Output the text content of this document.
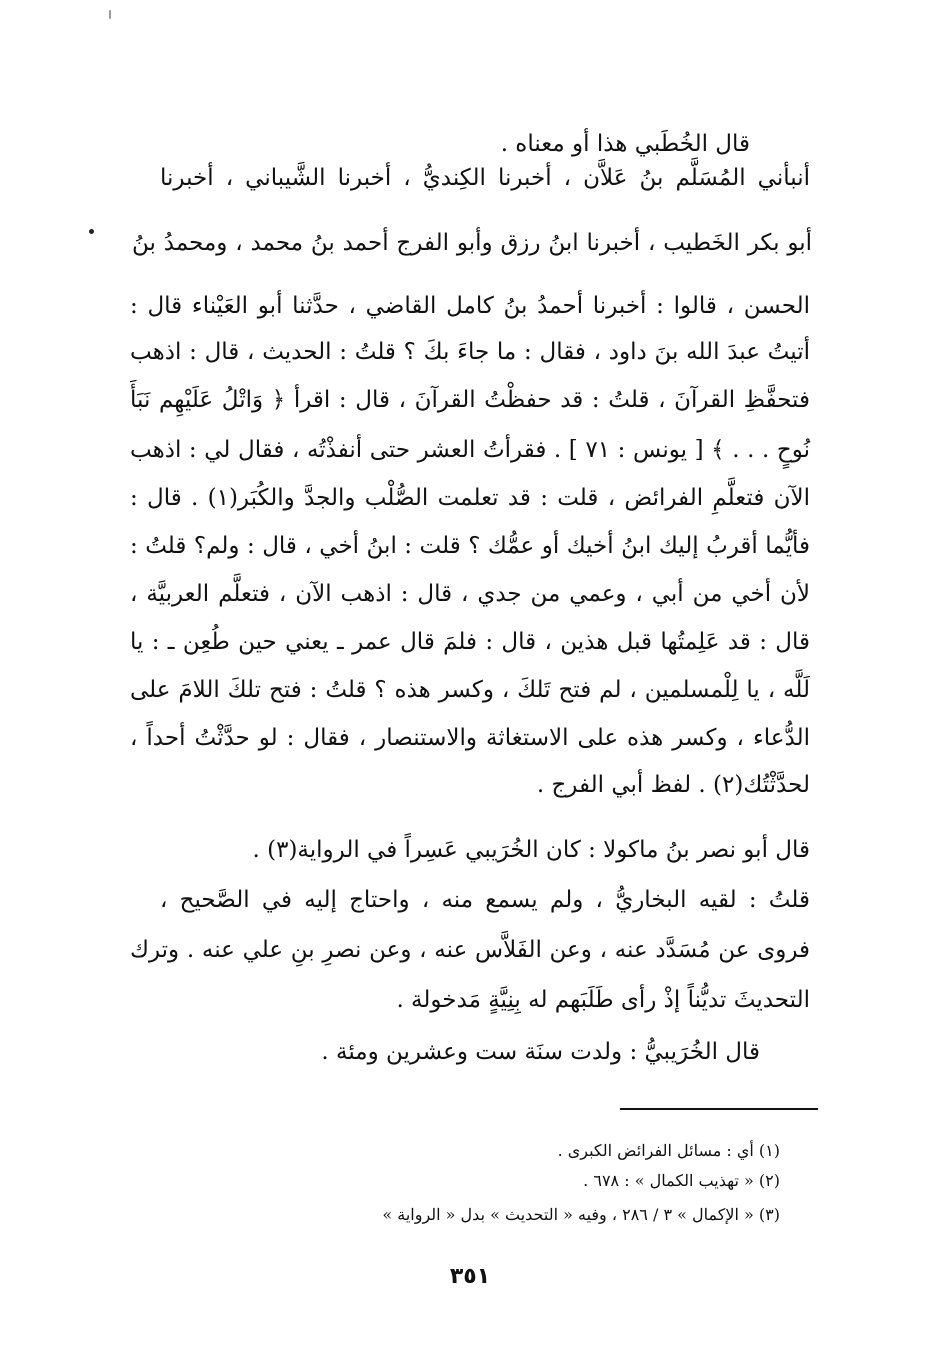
قال الخُطَبي هذا أو معناه .
أنبأني المُسَلَّم بنُ عَلاَّن ، أخبرنا الكِنديُّ ، أخبرنا الشَّيباني ، أخبرنا
أبو بكر الخَطيب ، أخبرنا ابنُ رزق وأبو الفرج أحمد بنُ محمد ، ومحمدُ بنُ
الحسن ، قالوا : أخبرنا أحمدُ بنُ كامل القاضي ، حدَّثنا أبو العَيْناء قال :
أتيتُ عبدَ الله بنَ داود ، فقال : ما جاءَ بكَ ؟ قلتُ : الحديث ، قال : اذهب
فتحفَّظِ القرآنَ ، قلتُ : قد حفظْتُ القرآنَ ، قال : اقرأ ﴿ وَاتْلُ عَلَيْهِم نَبَأَ
نُوحٍ . . . ﴾ [ يونس : ٧١ ] . فقرأتُ العشر حتى أنفذْتُه ، فقال لي : اذهب
الآن فتعلَّمِ الفرائض ، قلت : قد تعلمت الصُّلْب والجدَّ والكُبَر(١) . قال :
فأيُّما أقربُ إليك ابنُ أخيك أو عمُّك ؟ قلت : ابنُ أخي ، قال : ولم؟ قلتُ :
لأن أخي من أبي ، وعمي من جدي ، قال : اذهب الآن ، فتعلَّم العربيَّة ،
قال : قد عَلِمتُها قبل هذين ، قال : فلمَ قال عمر ـ يعني حين طُعِن ـ : يا
لَلَّه ، يا لِلْمسلمين ، لم فتح تَلكَ ، وكسر هذه ؟ قلتُ : فتح تلكَ اللامَ على
الدُّعاء ، وكسر هذه على الاستغاثة والاستنصار ، فقال : لو حدَّثْتُ أحداً ،
لحدَّثْتُك(٢) . لفظ أبي الفرج .
قال أبو نصر بنُ ماكولا : كان الخُرَيبي عَسِراً في الرواية(٣) .
قلتُ : لقيه البخاريُّ ، ولم يسمع منه ، واحتاج إليه في الصَّحيح ،
فروى عن مُسَدَّد عنه ، وعن الفَلاَّس عنه ، وعن نصرِ بنِ علي عنه . وترك
التحديثَ تديُّناً إذْ رأى طَلَبَهم له بِنِيَّةٍ مَدخولة .
قال الخُرَيبيُّ : ولدت سنَة ست وعشرين ومئة .
(١) أي : مسائل الفرائض الكبرى .
(٢) « تهذيب الكمال » : ٦٧٨ .
(٣) « الإكمال » ٣ / ٢٨٦ ، وفيه « التحديث » بدل « الرواية »
٣٥١
